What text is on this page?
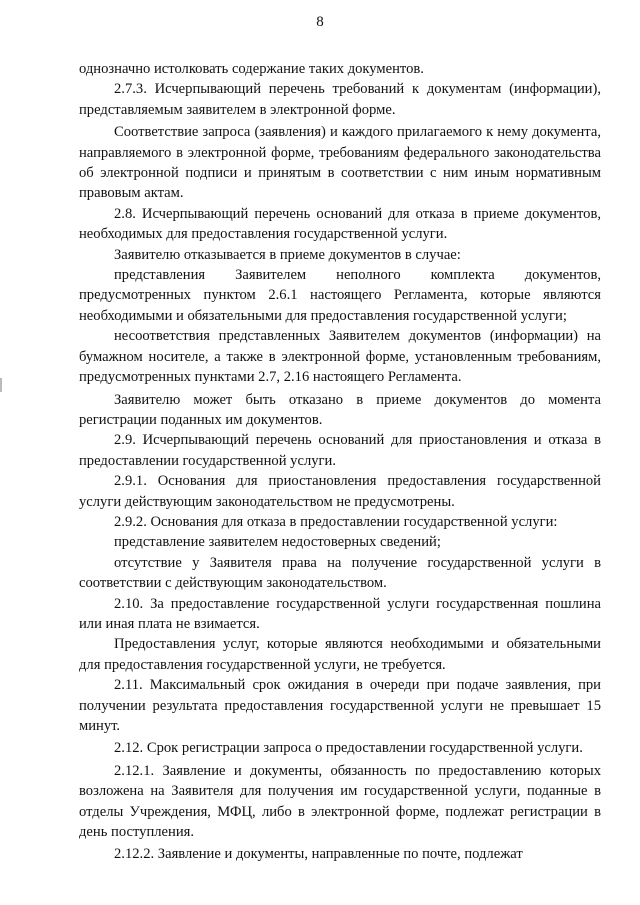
8

однозначно истолковать содержание таких документов.

2.7.3. Исчерпывающий перечень требований к документам (информации), представляемым заявителем в электронной форме.

Соответствие запроса (заявления) и каждого прилагаемого к нему документа, направляемого в электронной форме, требованиям федерального законодательства об электронной подписи и принятым в соответствии с ним иным нормативным правовым актам.

2.8. Исчерпывающий перечень оснований для отказа в приеме документов, необходимых для предоставления государственной услуги.

Заявителю отказывается в приеме документов в случае:

представления Заявителем неполного комплекта документов, предусмотренных пунктом 2.6.1 настоящего Регламента, которые являются необходимыми и обязательными для предоставления государственной услуги;

несоответствия представленных Заявителем документов (информации) на бумажном носителе, а также в электронной форме, установленным требованиям, предусмотренных пунктами 2.7, 2.16 настоящего Регламента.

Заявителю может быть отказано в приеме документов до момента регистрации поданных им документов.

2.9. Исчерпывающий перечень оснований для приостановления и отказа в предоставлении государственной услуги.

2.9.1. Основания для приостановления предоставления государственной услуги действующим законодательством не предусмотрены.

2.9.2. Основания для отказа в предоставлении государственной услуги:

представление заявителем недостоверных сведений;

отсутствие у Заявителя права на получение государственной услуги в соответствии с действующим законодательством.

2.10. За предоставление государственной услуги государственная пошлина или иная плата не взимается.

Предоставления услуг, которые являются необходимыми и обязательными для предоставления государственной услуги, не требуется.

2.11. Максимальный срок ожидания в очереди при подаче заявления, при получении результата предоставления государственной услуги не превышает 15 минут.

2.12. Срок регистрации запроса о предоставлении государственной услуги.

2.12.1. Заявление и документы, обязанность по предоставлению которых возложена на Заявителя для получения им государственной услуги, поданные в отделы Учреждения, МФЦ, либо в электронной форме, подлежат регистрации в день поступления.

2.12.2. Заявление и документы, направленные по почте, подлежат
